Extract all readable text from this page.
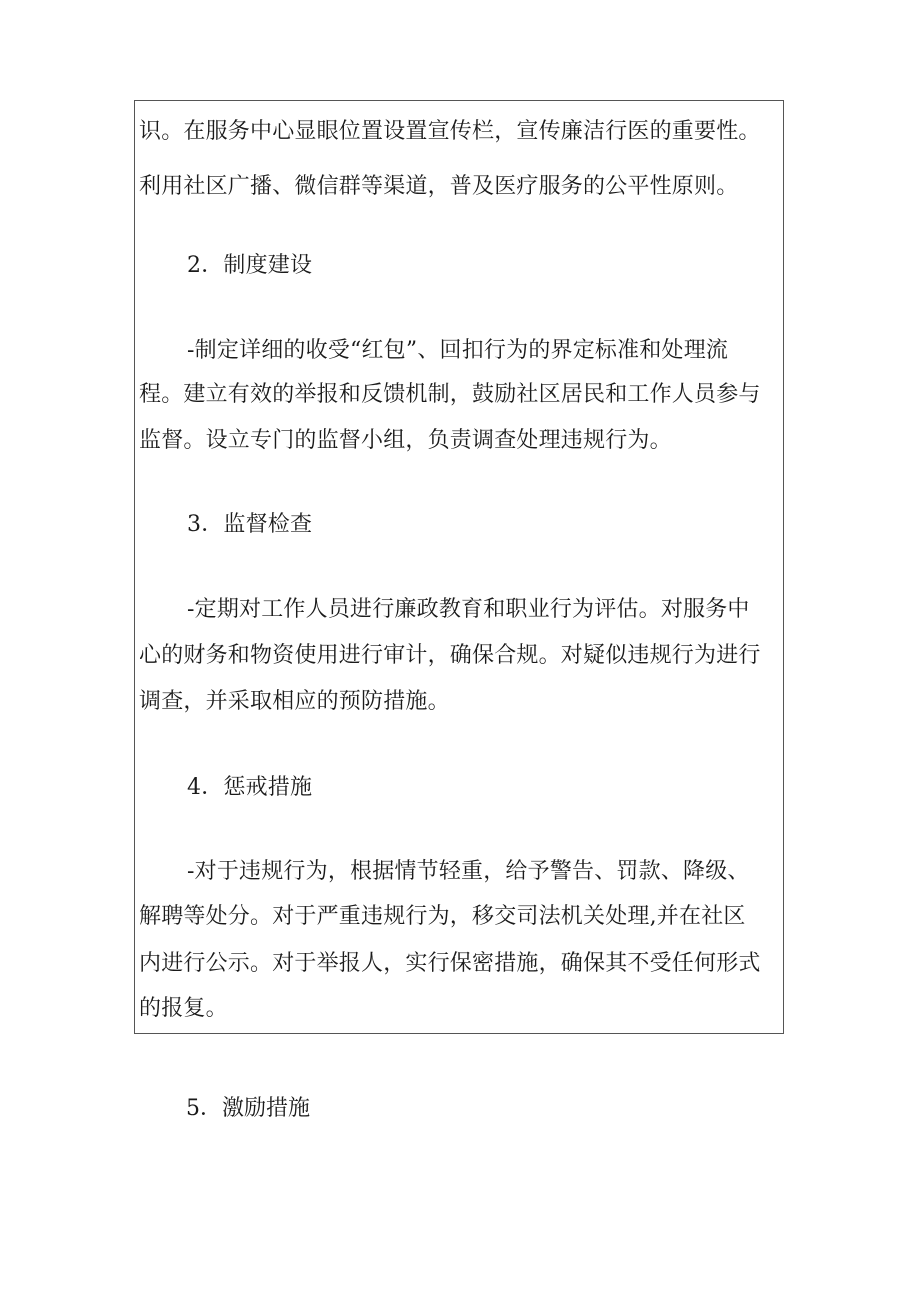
识。在服务中心显眼位置设置宣传栏，宣传廉洁行医的重要性。
利用社区广播、微信群等渠道，普及医疗服务的公平性原则。
2．制度建设
-制定详细的收受“红包”、回扣行为的界定标准和处理流
程。建立有效的举报和反馈机制，鼓励社区居民和工作人员参与
监督。设立专门的监督小组，负责调查处理违规行为。
3．监督检查
-定期对工作人员进行廉政教育和职业行为评估。对服务中
心的财务和物资使用进行审计，确保合规。对疑似违规行为进行
调查，并采取相应的预防措施。
4．惩戒措施
-对于违规行为，根据情节轻重，给予警告、罚款、降级、
解聘等处分。对于严重违规行为，移交司法机关处理,并在社区
内进行公示。对于举报人，实行保密措施，确保其不受任何形式
的报复。
5．激励措施
